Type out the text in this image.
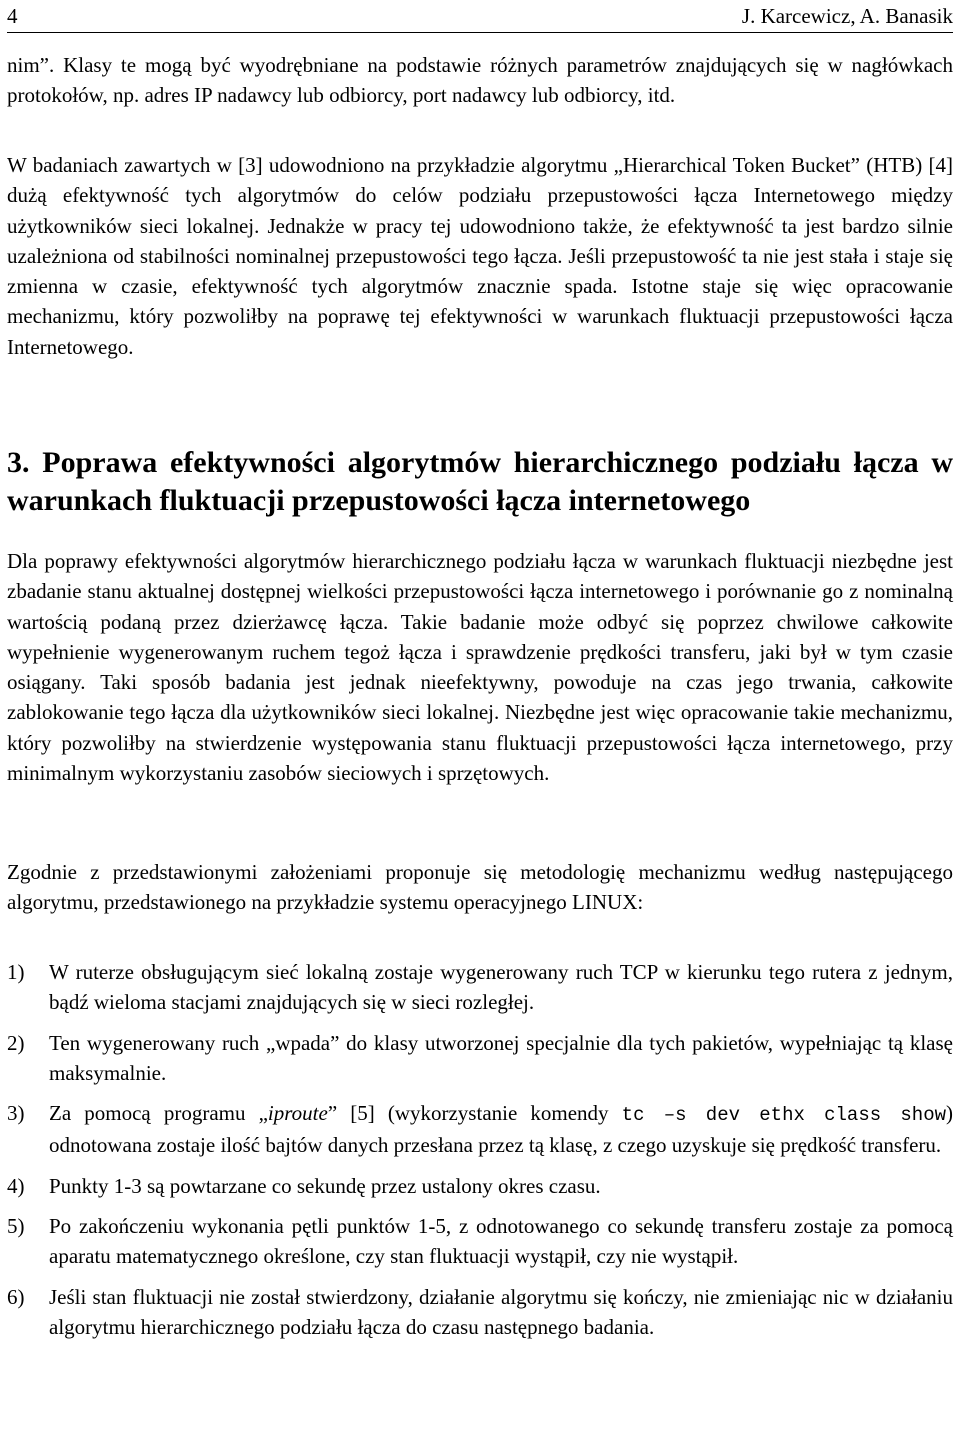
4	J. Karcewicz, A. Banasik

nim”. Klasy te mogą być wyodrębniane na podstawie różnych parametrów znajdujących się w nagłówkach protokołów, np. adres IP nadawcy lub odbiorcy, port nadawcy lub odbiorcy, itd.

W badaniach zawartych w [3] udowodniono na przykładzie algorytmu „Hierarchical Token Bucket” (HTB) [4] dużą efektywność tych algorytmów do celów podziału przepustowości łącza Internetowego między użytkowników sieci lokalnej. Jednakże w pracy tej udowodniono także, że efektywność ta jest bardzo silnie uzależniona od stabilności nominalnej przepustowości tego łącza. Jeśli przepustowość ta nie jest stała i staje się zmienna w czasie, efektywność tych algorytmów znacznie spada. Istotne staje się więc opracowanie mechanizmu, który pozwoliłby na poprawę tej efektywności w warunkach fluktuacji przepustowości łącza Internetowego.

3. Poprawa efektywności algorytmów hierarchicznego podziału łącza w warunkach fluktuacji przepustowości łącza internetowego

Dla poprawy efektywności algorytmów hierarchicznego podziału łącza w warunkach fluktuacji niezbędne jest zbadanie stanu aktualnej dostępnej wielkości przepustowości łącza internetowego i porównanie go z nominalną wartością podaną przez dzierżawcę łącza. Takie badanie może odbyć się poprzez chwilowe całkowite wypełnienie wygenerowanym ruchem tegoż łącza i sprawdzenie prędkości transferu, jaki był w tym czasie osiągany. Taki sposób badania jest jednak nieefektywny, powoduje na czas jego trwania, całkowite zablokowanie tego łącza dla użytkowników sieci lokalnej. Niezbędne jest więc opracowanie takie mechanizmu, który pozwoliłby na stwierdzenie występowania stanu fluktuacji przepustowości łącza internetowego, przy minimalnym wykorzystaniu zasobów sieciowych i sprzętowych.

Zgodnie z przedstawionymi założeniami proponuje się metodologię mechanizmu według następującego algorytmu, przedstawionego na przykładzie systemu operacyjnego LINUX:

1) W ruterze obsługującym sieć lokalną zostaje wygenerowany ruch TCP w kierunku tego rutera z jednym, bądź wieloma stacjami znajdujących się w sieci rozległej.
2) Ten wygenerowany ruch „wpada” do klasy utworzonej specjalnie dla tych pakietów, wypełniając tą klasę maksymalnie.
3) Za pomocą programu „iproute” [5] (wykorzystanie komendy tc –s dev ethx class show) odnotowana zostaje ilość bajtów danych przesłana przez tą klasę, z czego uzyskuje się prędkość transferu.
4) Punkty 1-3 są powtarzane co sekundę przez ustalony okres czasu.
5) Po zakończeniu wykonania pętli punktów 1-5, z odnotowanego co sekundę transferu zostaje za pomocą aparatu matematycznego określone, czy stan fluktuacji wystąpił, czy nie wystąpił.
6) Jeśli stan fluktuacji nie został stwierdzony, działanie algorytmu się kończy, nie zmieniając nic w działaniu algorytmu hierarchicznego podziału łącza do czasu następnego badania.
